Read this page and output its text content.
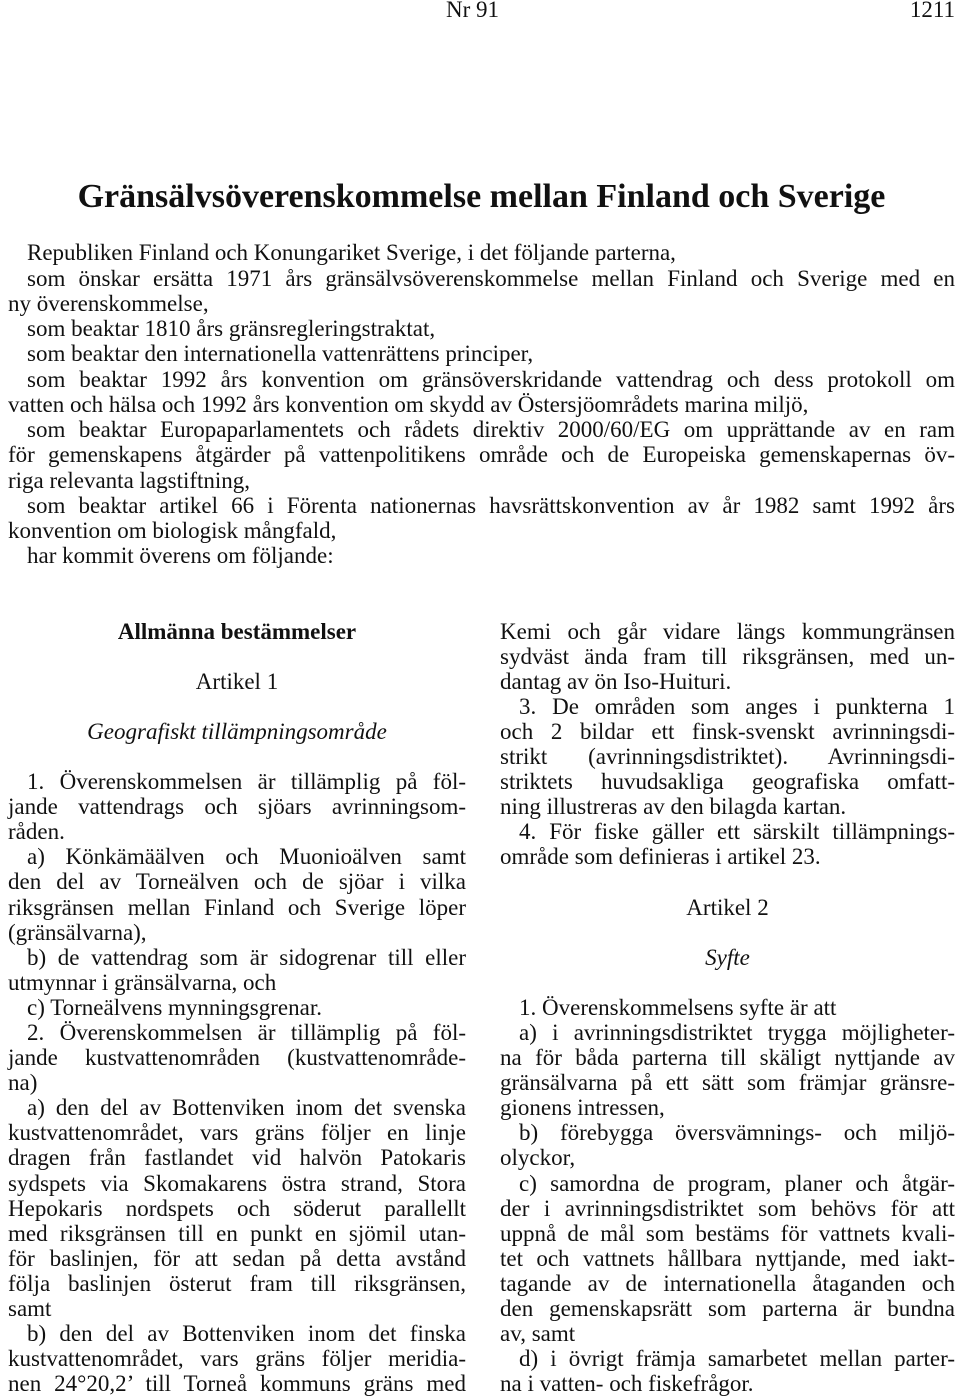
Nr 91	1211
Gränsälvsöverenskommelse mellan Finland och Sverige
Republiken Finland och Konungariket Sverige, i det följande parterna,
som önskar ersätta 1971 års gränsälvsöverenskommelse mellan Finland och Sverige med en
ny överenskommelse,
som beaktar 1810 års gränsregleringstraktat,
som beaktar den internationella vattenrättens principer,
som beaktar 1992 års konvention om gränsöverskridande vattendrag och dess protokoll om
vatten och hälsa och 1992 års konvention om skydd av Östersjöområdets marina miljö,
som beaktar Europaparlamentets och rådets direktiv 2000/60/EG om upprättande av en ram
för gemenskapens åtgärder på vattenpolitikens område och de Europeiska gemenskapernas öv-
riga relevanta lagstiftning,
som beaktar artikel 66 i Förenta nationernas havsrättskonvention av år 1982 samt 1992 års
konvention om biologisk mångfald,
har kommit överens om följande:
Allmänna bestämmelser
Artikel 1
Geografiskt tillämpningsområde
1. Överenskommelsen är tillämplig på föl-
jande vattendrags och sjöars avrinningsom-
råden.
a) Könkämäälven och Muonioälven samt
den del av Torneälven och de sjöar i vilka
riksgränsen mellan Finland och Sverige löper
(gränsälvarna),
b) de vattendrag som är sidogrenar till eller
utmynnar i gränsälvarna, och
c) Torneälvens mynningsgrenar.
2. Överenskommelsen är tillämplig på föl-
jande kustvattenområden (kustvattenområde-
na)
a) den del av Bottenviken inom det svenska
kustvattenområdet, vars gräns följer en linje
dragen från fastlandet vid halvön Patokaris
sydspets via Skomakarens östra strand, Stora
Hepokaris nordspets och söderut parallellt
med riksgränsen till en punkt en sjömil utan-
för baslinjen, för att sedan på detta avstånd
följa baslinjen österut fram till riksgränsen,
samt
b) den del av Bottenviken inom det finska
kustvattenområdet, vars gräns följer meridia-
nen 24°20,2’ till Torneå kommuns gräns med
Kemi och går vidare längs kommungränsen
sydväst ända fram till riksgränsen, med un-
dantag av ön Iso-Huituri.
3. De områden som anges i punkterna 1
och 2 bildar ett finsk-svenskt avrinningsdi-
strikt (avrinningsdistriktet). Avrinningsdi-
striktets huvudsakliga geografiska omfatt-
ning illustreras av den bilagda kartan.
4. För fiske gäller ett särskilt tillämpnings-
område som definieras i artikel 23.
Artikel 2
Syfte
1. Överenskommelsens syfte är att
a) i avrinningsdistriktet trygga möjligheter-
na för båda parterna till skäligt nyttjande av
gränsälvarna på ett sätt som främjar gränsre-
gionens intressen,
b) förebygga översvämnings- och miljö-
olyckor,
c) samordna de program, planer och åtgär-
der i avrinningsdistriktet som behövs för att
uppnå de mål som bestäms för vattnets kvali-
tet och vattnets hållbara nyttjande, med iakt-
tagande av de internationella åtaganden och
den gemenskapsrätt som parterna är bundna
av, samt
d) i övrigt främja samarbetet mellan parter-
na i vatten- och fiskefrågor.
